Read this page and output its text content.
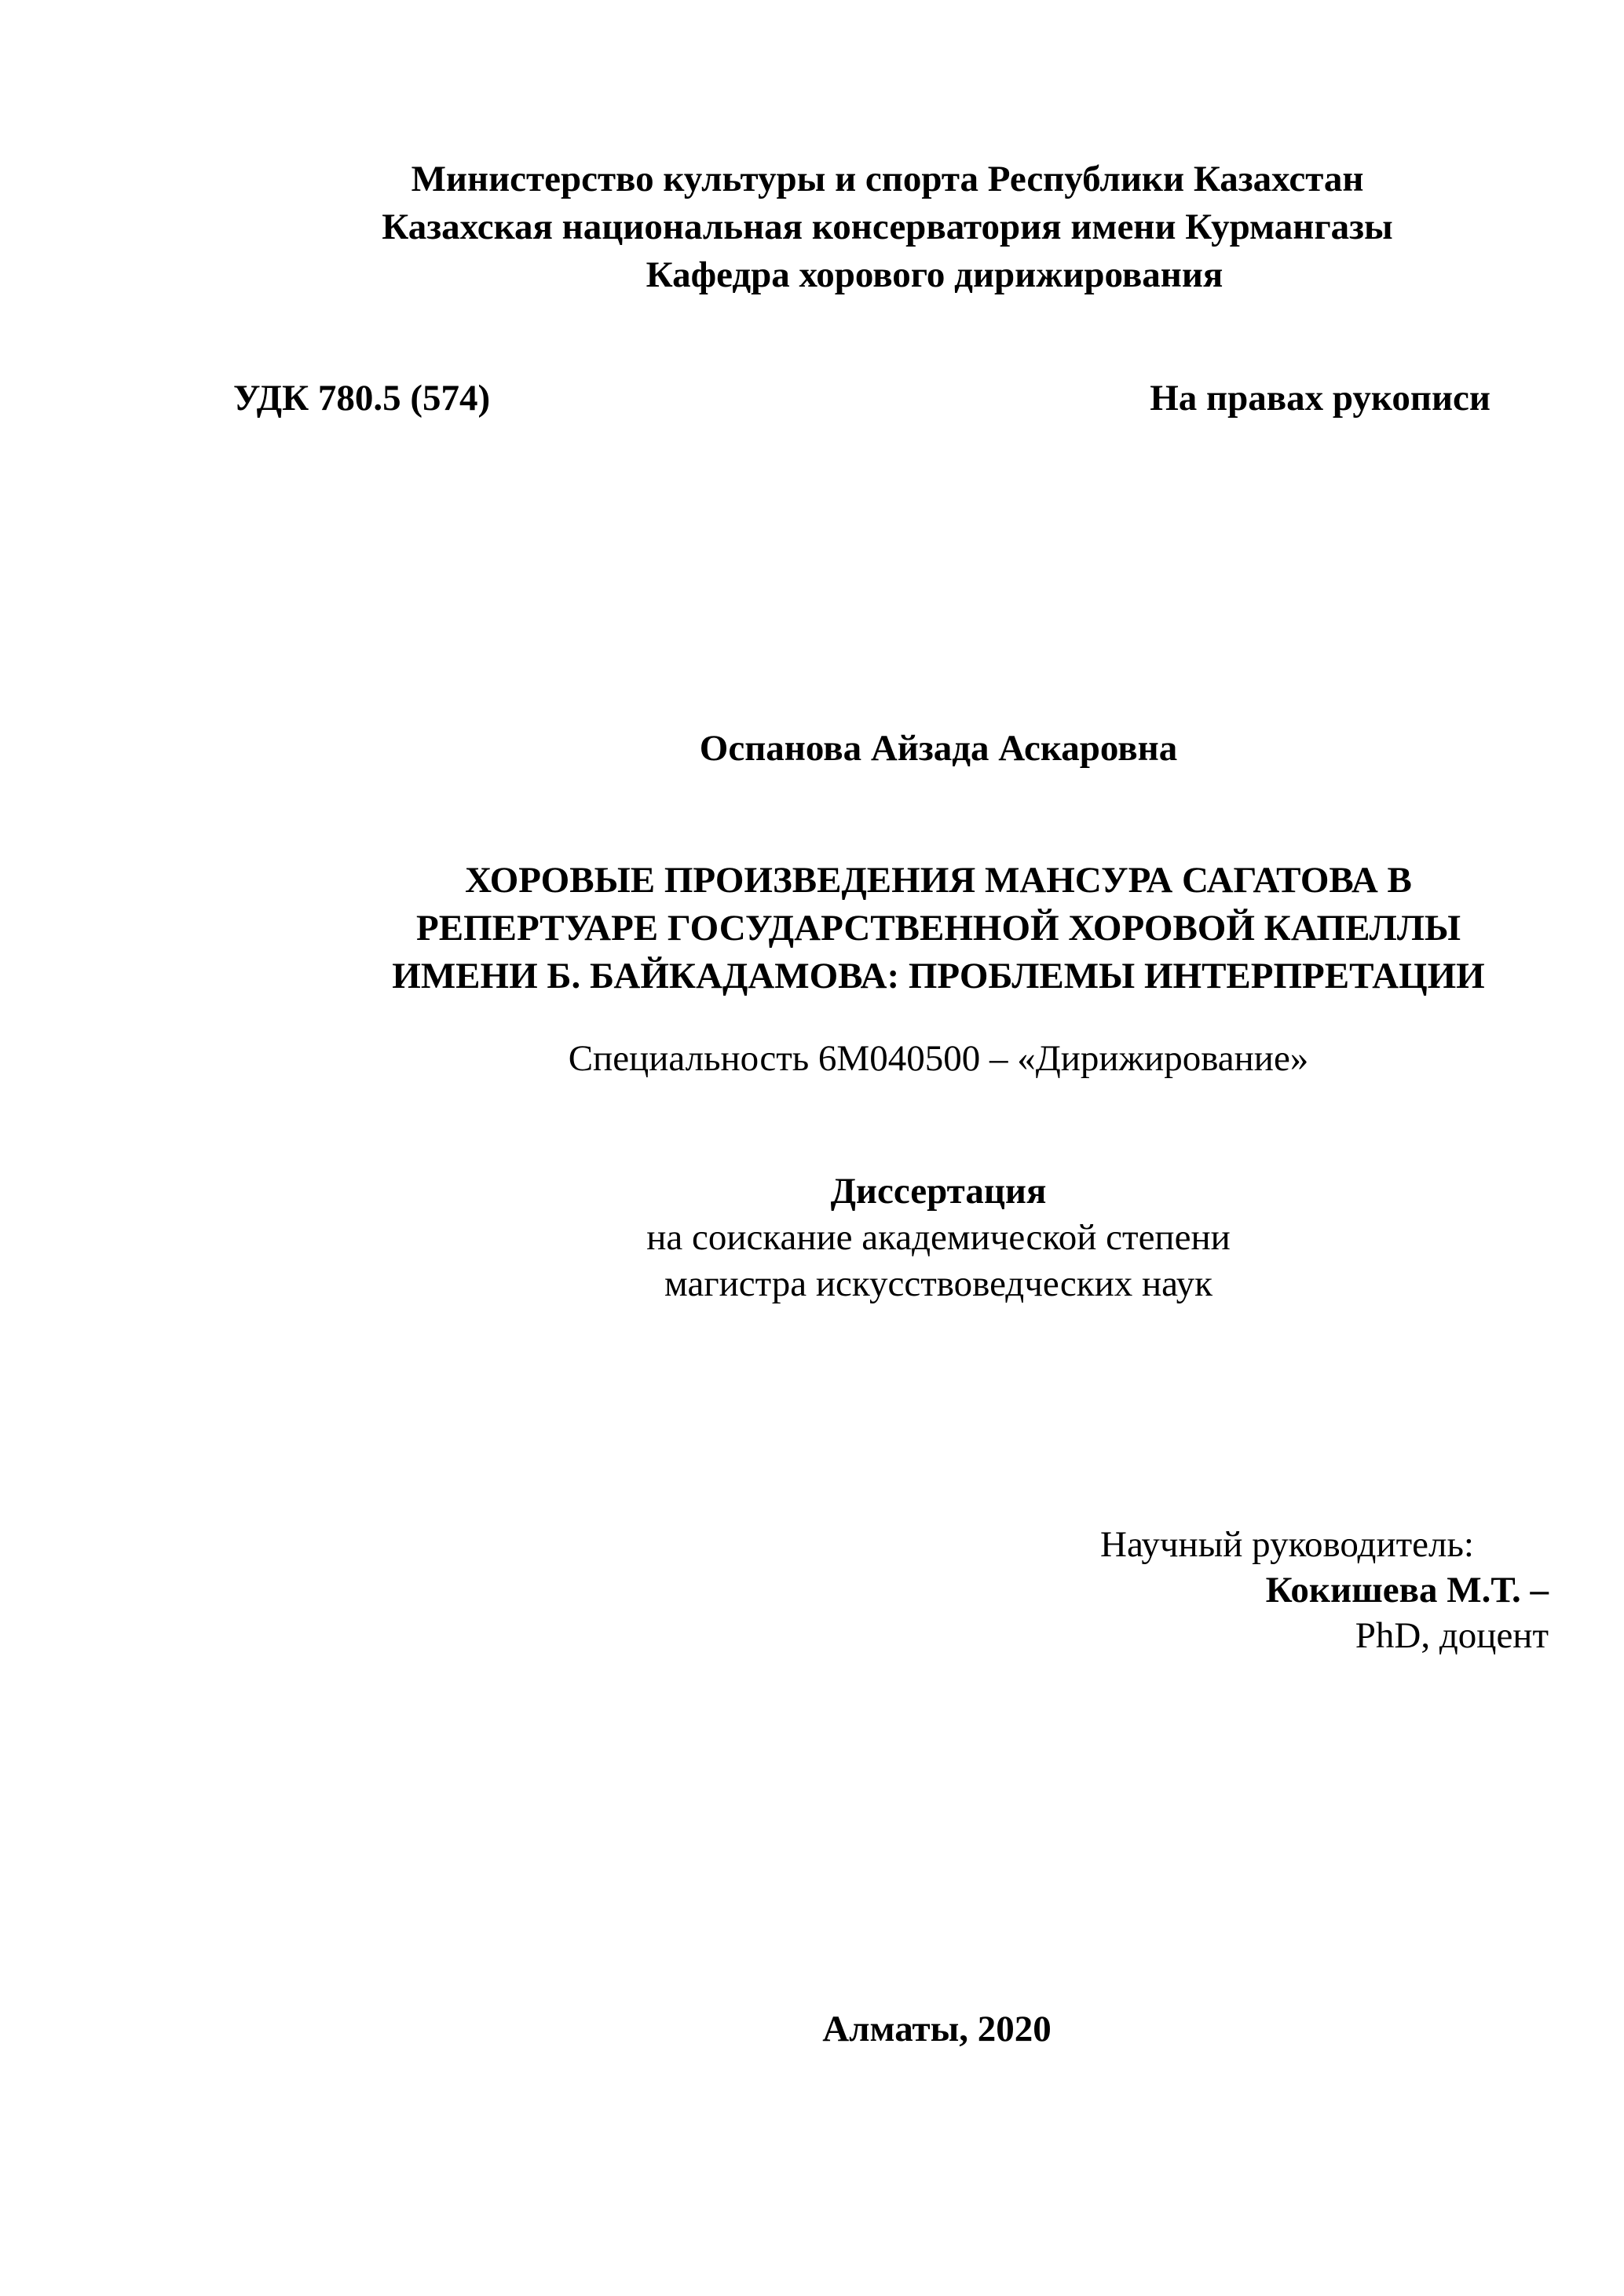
Министерство культуры и спорта Республики Казахстан
Казахская национальная консерватория имени Курмангазы
Кафедра хорового дирижирования
УДК 780.5 (574)	На правах рукописи
Оспанова Айзада Аскаровна
ХОРОВЫЕ ПРОИЗВЕДЕНИЯ МАНСУРА САГАТОВА В
РЕПЕРТУАРЕ ГОСУДАРСТВЕННОЙ ХОРОВОЙ КАПЕЛЛЫ
ИМЕНИ Б. БАЙКАДАМОВА: ПРОБЛЕМЫ ИНТЕРПРЕТАЦИИ
Специальность 6М040500 – «Дирижирование»
Диссертация
на соискание академической степени
магистра искусствоведческих наук
Научный руководитель:
Кокишева М.Т. –
PhD, доцент
Алматы, 2020
